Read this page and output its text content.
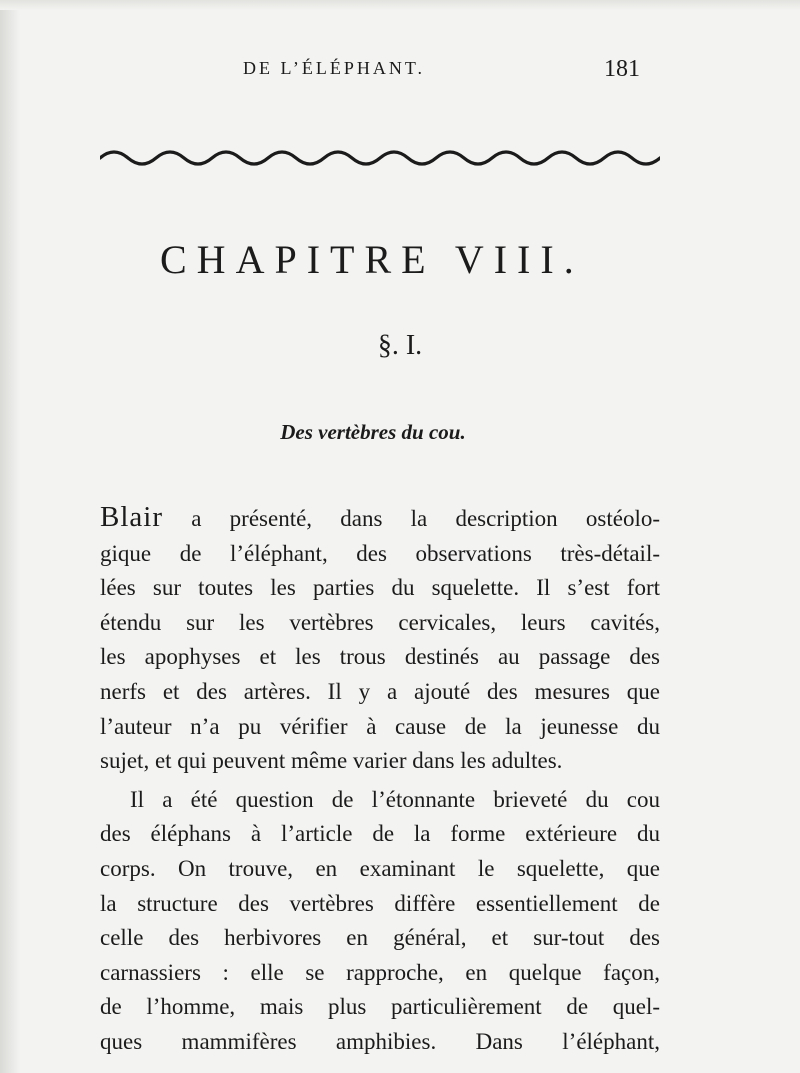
DE L’ÉLÉPHANT.	181
CHAPITRE VIII.
§. I.
Des vertèbres du cou.
Blair a présenté, dans la description ostéolo-
gique de l’éléphant, des observations très-détail-
lées sur toutes les parties du squelette. Il s’est fort
étendu sur les vertèbres cervicales, leurs cavités,
les apophyses et les trous destinés au passage des
nerfs et des artères. Il y a ajouté des mesures que
l’auteur n’a pu vérifier à cause de la jeunesse du
sujet, et qui peuvent même varier dans les adultes.
Il a été question de l’étonnante brieveté du cou
des éléphans à l’article de la forme extérieure du
corps. On trouve, en examinant le squelette, que
la structure des vertèbres diffère essentiellement de
celle des herbivores en général, et sur-tout des
carnassiers : elle se rapproche, en quelque façon,
de l’homme, mais plus particulièrement de quel-
ques mammifères amphibies. Dans l’éléphant,
